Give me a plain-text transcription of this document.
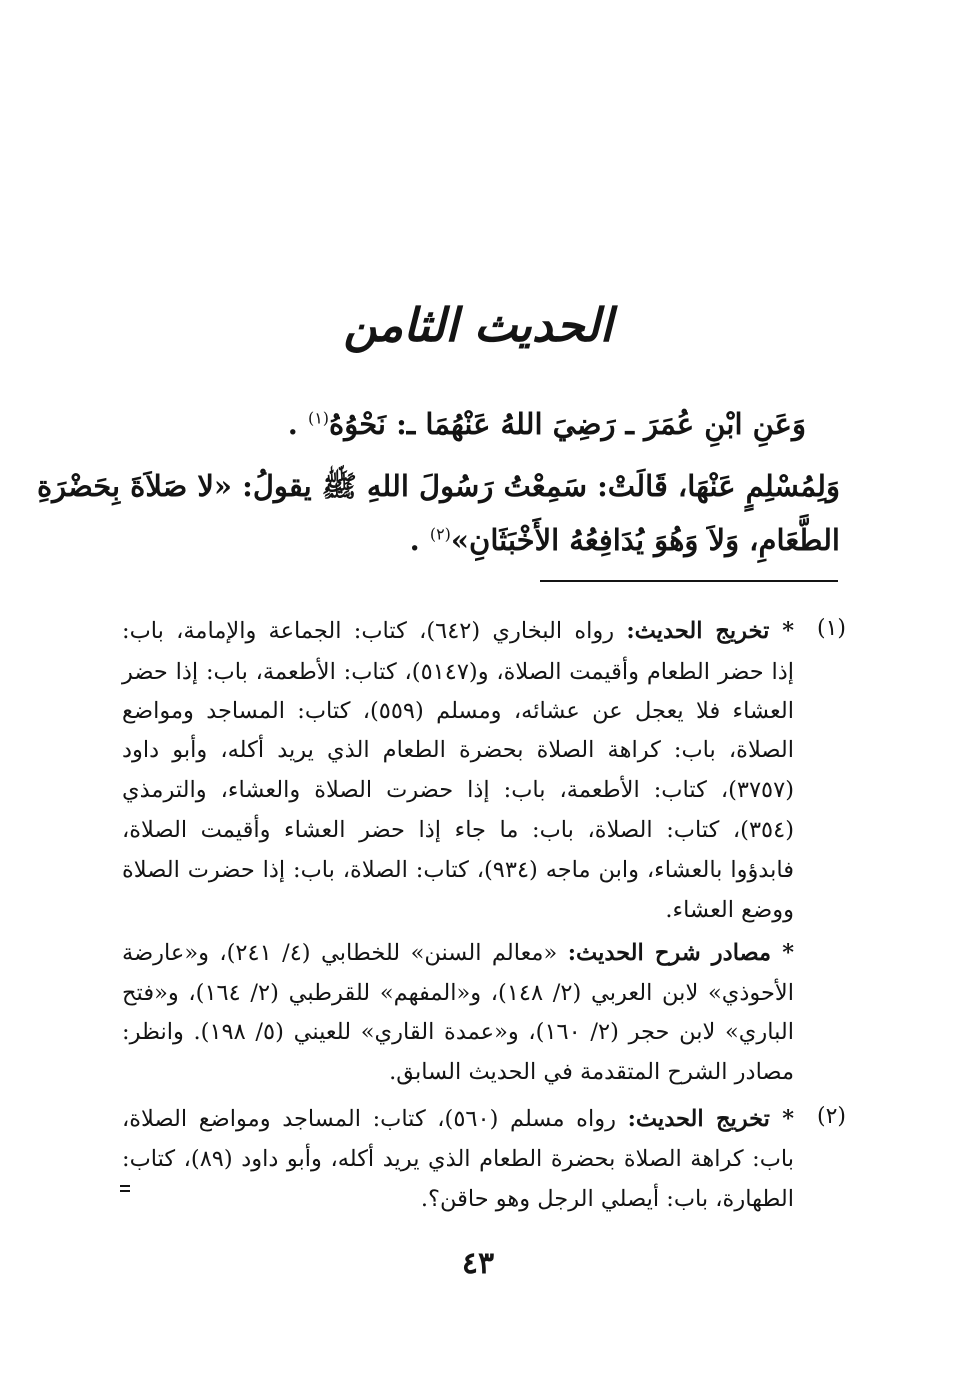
الحديث الثامن
وَعَنِ ابْنِ عُمَرَ ـ رَضِيَ اللهُ عَنْهُمَا ـ: نَحْوُهُ$^{(١)}$ .
وَلِمُسْلِمٍ عَنْهَا، قَالَتْ: سَمِعْتُ رَسُولَ اللهِ ﷺ يقولُ: «لا صَلاَةَ بِحَضْرَةِ
الطَّعَامِ، وَلاَ وَهُوَ يُدَافِعُهُ الأَخْبَثَانِ»$^{(٢)}$ .
(١)
* تخريج الحديث: رواه البخاري (٦٤٢)، كتاب: الجماعة والإمامة، باب:
إذا حضر الطعام وأقيمت الصلاة، و(٥١٤٧)، كتاب: الأطعمة، باب: إذا حضر
العشاء فلا يعجل عن عشائه، ومسلم (٥٥٩)، كتاب: المساجد ومواضع
الصلاة، باب: كراهة الصلاة بحضرة الطعام الذي يريد أكله، وأبو داود
(٣٧٥٧)، كتاب: الأطعمة، باب: إذا حضرت الصلاة والعشاء، والترمذي
(٣٥٤)، كتاب: الصلاة، باب: ما جاء إذا حضر العشاء وأقيمت الصلاة،
فابدؤوا بالعشاء، وابن ماجه (٩٣٤)، كتاب: الصلاة، باب: إذا حضرت الصلاة
ووضع العشاء.
* مصادر شرح الحديث: «معالم السنن» للخطابي (٤/ ٢٤١)، و«عارضة
الأحوذي» لابن العربي (٢/ ١٤٨)، و«المفهم» للقرطبي (٢/ ١٦٤)، و«فتح
الباري» لابن حجر (٢/ ١٦٠)، و«عمدة القاري» للعيني (٥/ ١٩٨). وانظر:
مصادر الشرح المتقدمة في الحديث السابق.
(٢)
* تخريج الحديث: رواه مسلم (٥٦٠)، كتاب: المساجد ومواضع الصلاة،
باب: كراهة الصلاة بحضرة الطعام الذي يريد أكله، وأبو داود (٨٩)، كتاب:
الطهارة، باب: أيصلي الرجل وهو حاقن؟.
٤٣
